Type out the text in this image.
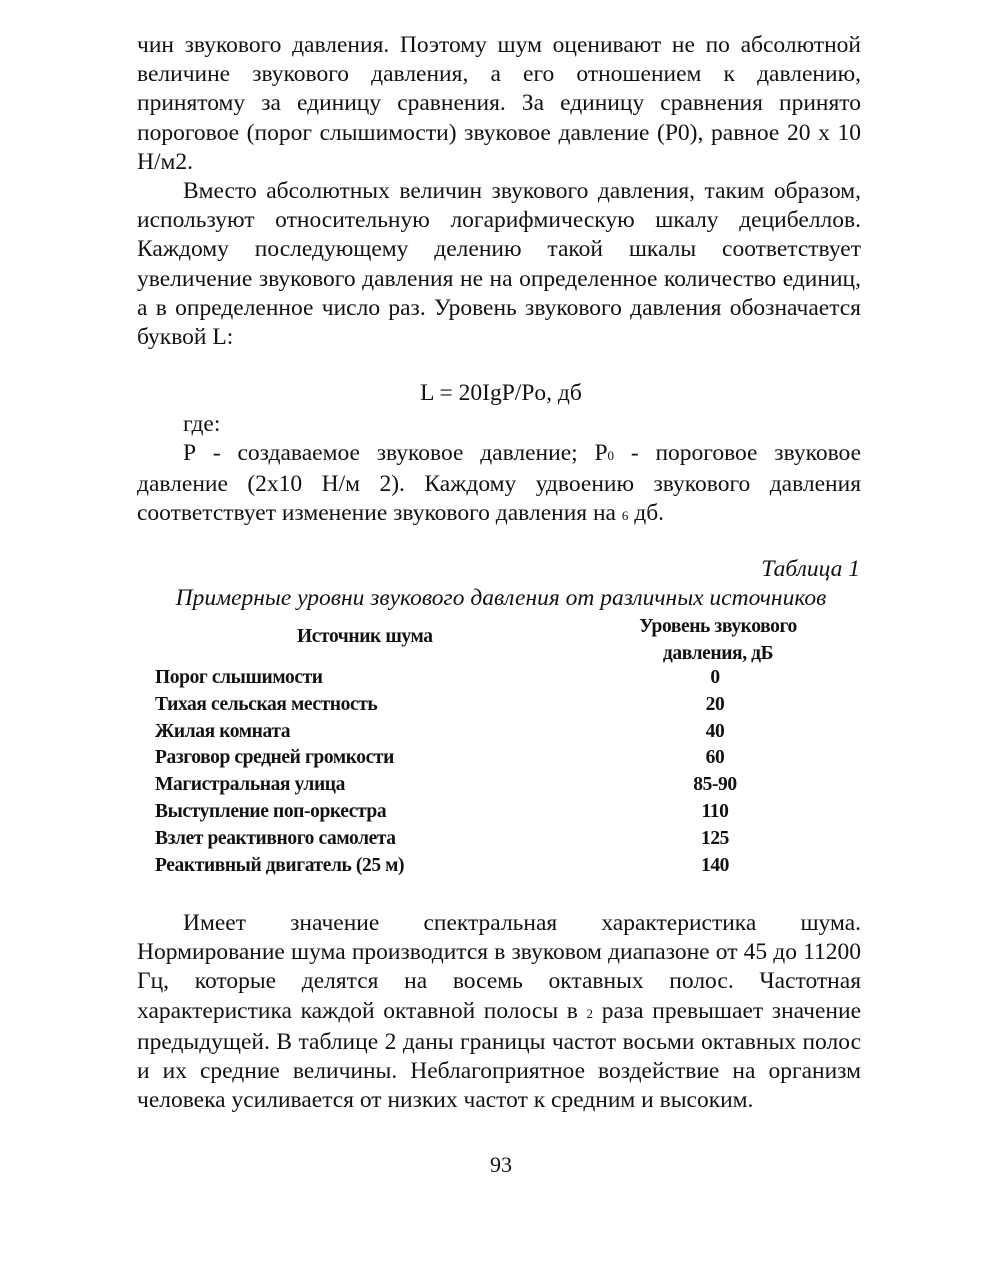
чин звукового давления. Поэтому шум оценивают не по абсолютной величине звукового давления, а его отношением к давлению, принятому за единицу сравнения. За единицу сравнения принято пороговое (порог слышимости) звуковое давление (Р0), равное 20 х 10 Н/м2.

Вместо абсолютных величин звукового давления, таким образом, используют относительную логарифмическую шкалу децибеллов. Каждому последующему делению такой шкалы соответствует увеличение звукового давления не на определенное количество единиц, а в определенное число раз. Уровень звукового давления обозначается буквой L:

L = 20IgP/Po, дб
где:

Р - создаваемое звуковое давление; Р0 - пороговое звуковое давление (2х10 Н/м 2). Каждому удвоению звукового давления соответствует изменение звукового давления на 6 дб.

Таблица 1
Примерные уровни звукового давления от различных источников
Источник шума	Уровень звукового
давления, дБ
Порог слышимости	0
Тихая сельская местность	20
Жилая комната	40
Разговор средней громкости	60
Магистральная улица	85-90
Выступление поп-оркестра	110
Взлет реактивного самолета	125
Реактивный двигатель (25 м)	140

Имеет значение спектральная характеристика шума. Нормирование шума производится в звуковом диапазоне от 45 до 11200 Гц, которые делятся на восемь октавных полос. Частотная характеристика каждой октавной полосы в 2 раза превышает значение предыдущей. В таблице 2 даны границы частот восьми октавных полос и их средние величины. Неблагоприятное воздействие на организм человека усиливается от низких частот к средним и высоким.

93
